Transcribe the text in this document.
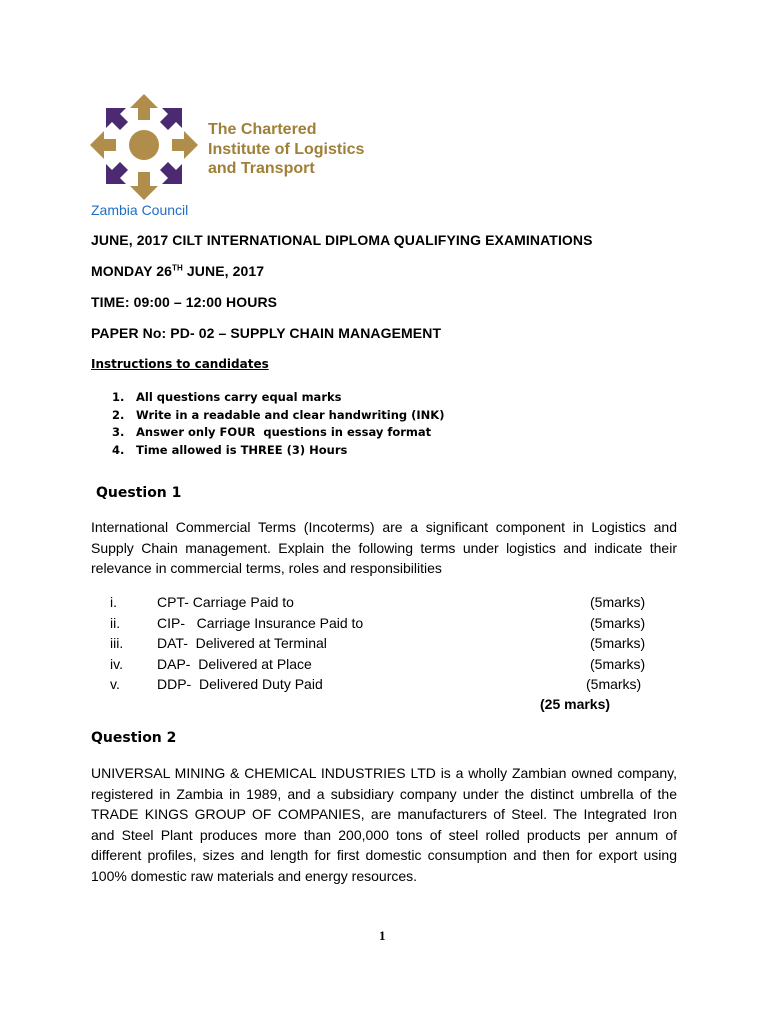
The Chartered
Institute of Logistics
and Transport
Zambia Council
JUNE, 2017 CILT INTERNATIONAL DIPLOMA QUALIFYING EXAMINATIONS
MONDAY 26TH JUNE, 2017
TIME: 09:00 – 12:00 HOURS
PAPER No: PD- 02 – SUPPLY CHAIN MANAGEMENT
Instructions to candidates
1.	All questions carry equal marks
2.	Write in a readable and clear handwriting (INK)
3.	Answer only FOUR  questions in essay format
4.	Time allowed is THREE (3) Hours
Question 1
International Commercial Terms (Incoterms) are a significant component in Logistics and Supply Chain management. Explain the following terms under logistics and indicate their relevance in commercial terms, roles and responsibilities
i.	CPT- Carriage Paid to	(5marks)
ii.	CIP-   Carriage Insurance Paid to	(5marks)
iii. DAT-  Delivered at Terminal	(5marks)
iv. DAP-  Delivered at Place	(5marks)
v.	DDP-  Delivered Duty Paid	(5marks)
(25 marks)
Question 2
UNIVERSAL MINING & CHEMICAL INDUSTRIES LTD is a wholly Zambian owned company, registered in Zambia in 1989, and a subsidiary company under the distinct umbrella of the TRADE KINGS GROUP OF COMPANIES, are manufacturers of Steel. The Integrated Iron and Steel Plant produces more than 200,000 tons of steel rolled products per annum of different profiles, sizes and length for first domestic consumption and then for export using 100% domestic raw materials and energy resources.
1
